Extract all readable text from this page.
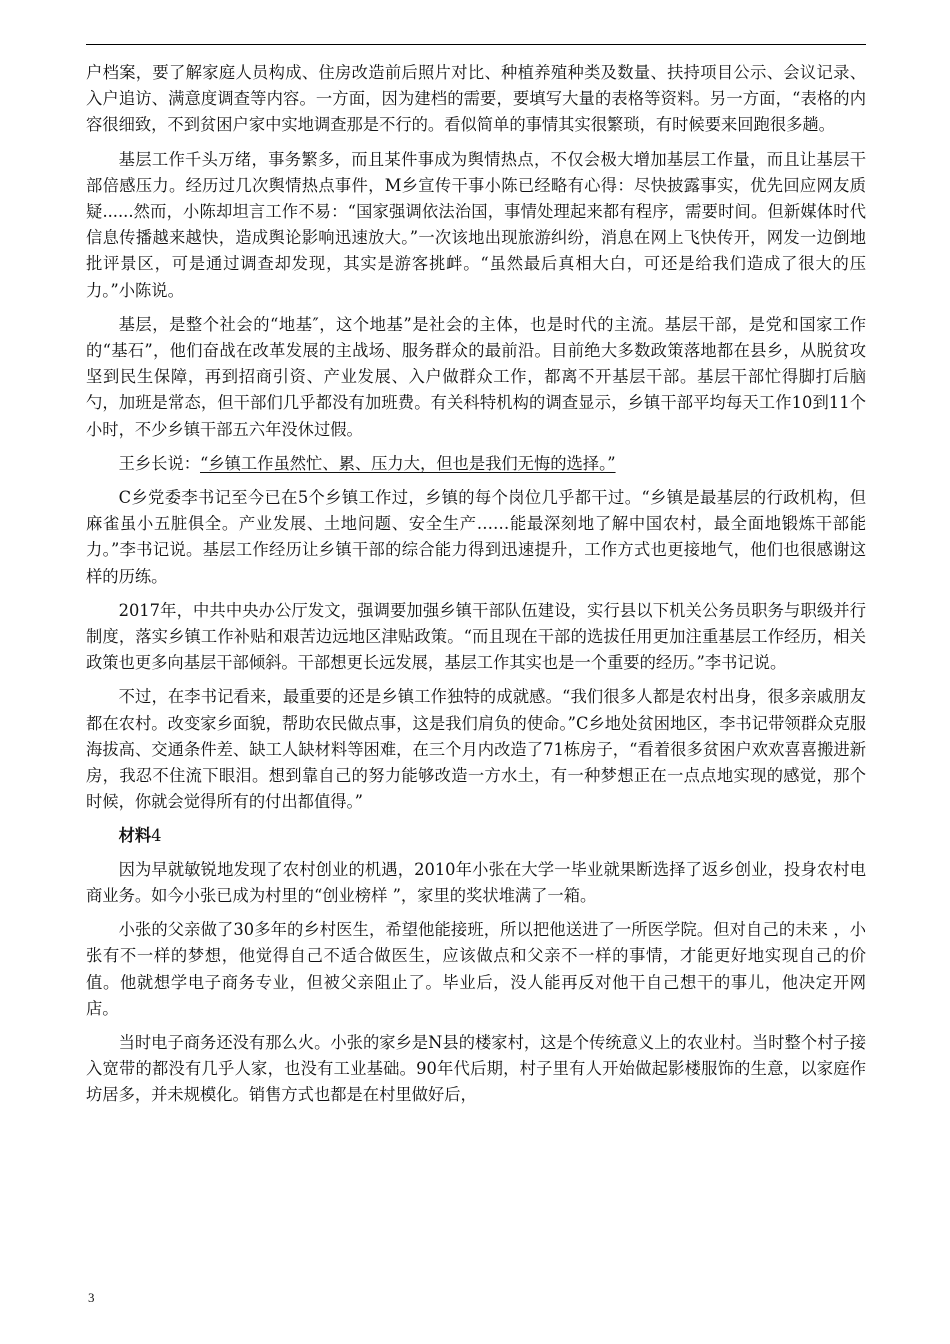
户档案，要了解家庭人员构成、住房改造前后照片对比、种植养殖种类及数量、扶持项目公示、会议记录、入户追访、满意度调查等内容。一方面，因为建档的需要，要填写大量的表格等资料。另一方面，“表格的内容很细致，不到贫困户家中实地调查那是不行的。看似简单的事情其实很繁琐，有时候要来回跑很多趟。

基层工作千头万绪，事务繁多，而且某件事成为舆情热点，不仅会极大增加基层工作量，而且让基层干部倍感压力。经历过几次舆情热点事件，M乡宣传干事小陈已经略有心得：尽快披露事实，优先回应网友质疑......然而，小陈却坦言工作不易：“国家强调依法治国，事情处理起来都有程序，需要时间。但新媒体时代信息传播越来越快，造成舆论影响迅速放大。”一次该地出现旅游纠纷，消息在网上飞快传开，网发一边倒地批评景区，可是通过调查却发现，其实是游客挑衅。“虽然最后真相大白，可还是给我们造成了很大的压力。”小陈说。

基层，是整个社会的“地基″，这个地基”是社会的主体，也是时代的主流。基层干部，是党和国家工作的“基石”，他们奋战在改革发展的主战场、服务群众的最前沿。目前绝大多数政策落地都在县乡，从脱贫攻坚到民生保障，再到招商引资、产业发展、入户做群众工作，都离不开基层干部。基层干部忙得脚打后脑勺，加班是常态，但干部们几乎都没有加班费。有关科特机构的调查显示，乡镇干部平均每天工作10到11个小时，不少乡镇干部五六年没休过假。

王乡长说：“乡镇工作虽然忙、累、压力大，但也是我们无悔的选择。”

C乡党委李书记至今已在5个乡镇工作过，乡镇的每个岗位几乎都干过。“乡镇是最基层的行政机构，但麻雀虽小五脏俱全。产业发展、土地问题、安全生产……能最深刻地了解中国农村，最全面地锻炼干部能力。”李书记说。基层工作经历让乡镇干部的综合能力得到迅速提升，工作方式也更接地气，他们也很感谢这样的历练。

2017年，中共中央办公厅发文，强调要加强乡镇干部队伍建设，实行县以下机关公务员职务与职级并行制度，落实乡镇工作补贴和艰苦边远地区津贴政策。“而且现在干部的选拔任用更加注重基层工作经历，相关政策也更多向基层干部倾斜。干部想更长远发展，基层工作其实也是一个重要的经历。”李书记说。

不过，在李书记看来，最重要的还是乡镇工作独特的成就感。“我们很多人都是农村出身，很多亲戚朋友都在农村。改变家乡面貌，帮助农民做点事，这是我们肩负的使命。”C乡地处贫困地区，李书记带领群众克服海拔高、交通条件差、缺工人缺材料等困难，在三个月内改造了71栋房子，“看着很多贫困户欢欢喜喜搬进新房，我忍不住流下眼泪。想到靠自己的努力能够改造一方水土，有一种梦想正在一点点地实现的感觉，那个时候，你就会觉得所有的付出都值得。”

材料4

因为早就敏锐地发现了农村创业的机遇，2010年小张在大学一毕业就果断选择了返乡创业，投身农村电商业务。如今小张已成为村里的“创业榜样 ”，家里的奖状堆满了一箱。

小张的父亲做了30多年的乡村医生，希望他能接班，所以把他送进了一所医学院。但对自己的未来 ，小张有不一样的梦想，他觉得自己不适合做医生，应该做点和父亲不一样的事情，才能更好地实现自己的价值。他就想学电子商务专业，但被父亲阻止了。毕业后，没人能再反对他干自己想干的事儿，他决定开网店。

当时电子商务还没有那么火。小张的家乡是N县的楼家村，这是个传统意义上的农业村。当时整个村子接入宽带的都没有几乎人家，也没有工业基础。90年代后期，村子里有人开始做起影楼服饰的生意，以家庭作坊居多，并未规模化。销售方式也都是在村里做好后，

3
